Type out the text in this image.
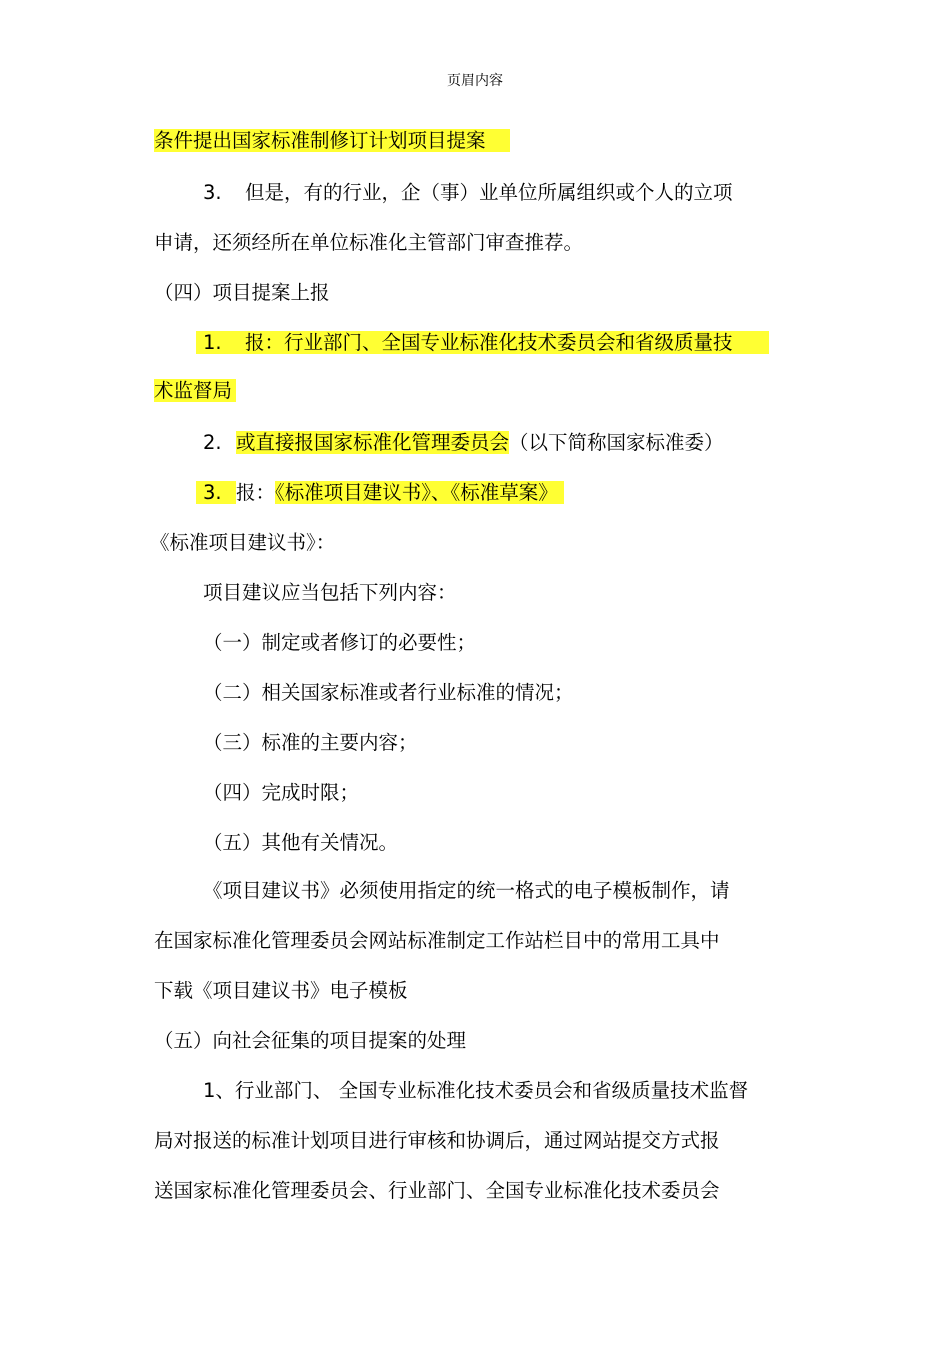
页眉内容
条件提出国家标准制修订计划项目提案
3. 但是，有的行业，企（事）业单位所属组织或个人的立项
申请，还须经所在单位标准化主管部门审查推荐。
（四）项目提案上报
1. 报：行业部门、全国专业标准化技术委员会和省级质量技
术监督局
2. 或直接报国家标准化管理委员会（以下简称国家标准委）
3. 报：《标准项目建议书》、《标准草案》
《标准项目建议书》：
项目建议应当包括下列内容：
（一）制定或者修订的必要性；
（二）相关国家标准或者行业标准的情况；
（三）标准的主要内容；
（四）完成时限；
（五）其他有关情况。
《项目建议书》必须使用指定的统一格式的电子模板制作，请
在国家标准化管理委员会网站标准制定工作站栏目中的常用工具中
下载《项目建议书》电子模板
（五）向社会征集的项目提案的处理
1、行业部门、 全国专业标准化技术委员会和省级质量技术监督
局对报送的标准计划项目进行审核和协调后，通过网站提交方式报
送国家标准化管理委员会、行业部门、全国专业标准化技术委员会
